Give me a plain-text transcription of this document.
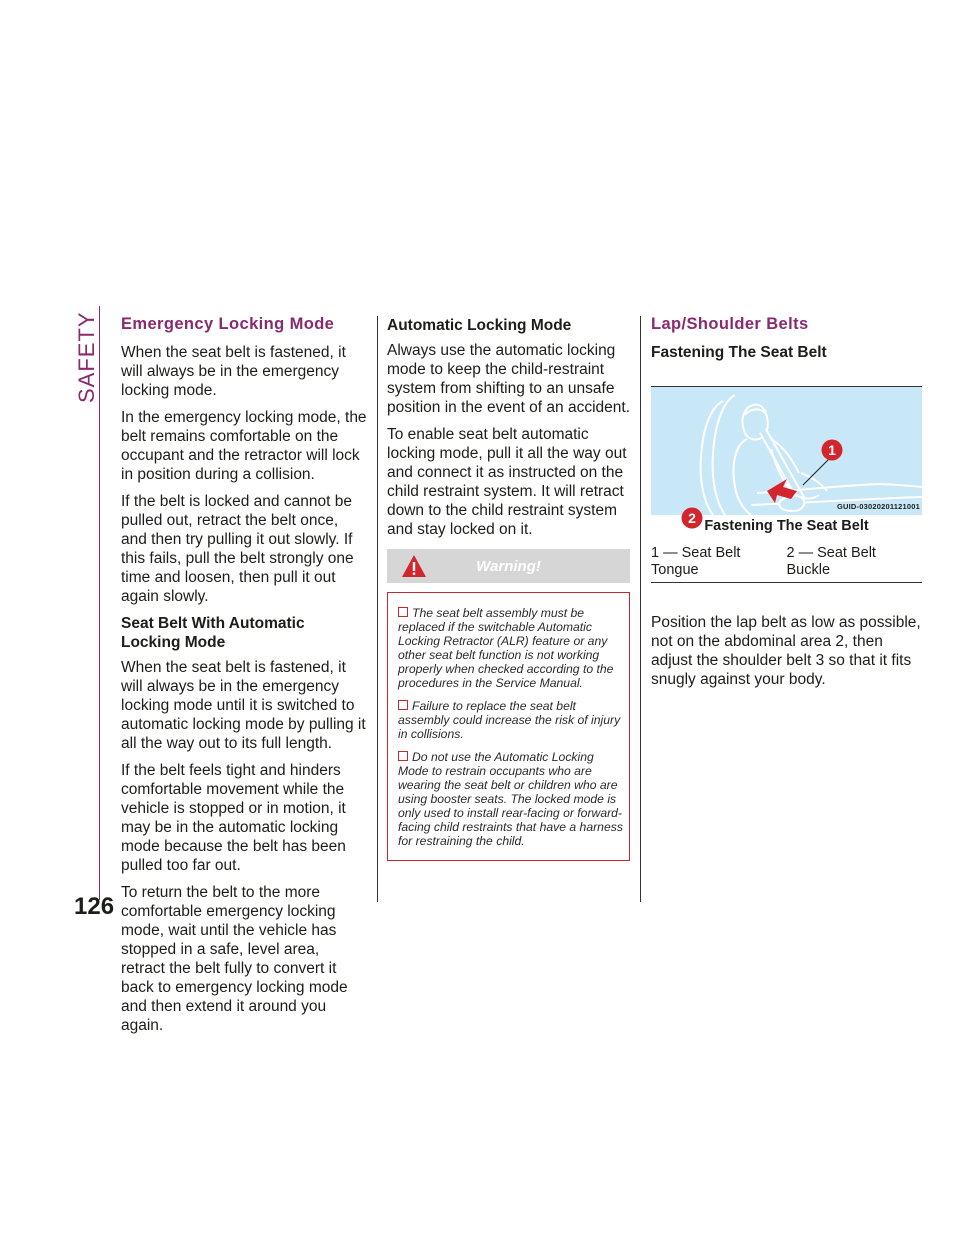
SAFETY Emergency Locking Mode

When the seat belt is fastened, it will always be in the emergency locking mode.

In the emergency locking mode, the belt remains comfortable on the occupant and the retractor will lock in position during a collision.

If the belt is locked and cannot be pulled out, retract the belt once, and then try pulling it out slowly. If this fails, pull the belt strongly one time and loosen, then pull it out again slowly.

Seat Belt With Automatic Locking Mode

When the seat belt is fastened, it will always be in the emergency locking mode until it is switched to automatic locking mode by pulling it all the way out to its full length.

If the belt feels tight and hinders comfortable movement while the vehicle is stopped or in motion, it may be in the automatic locking mode because the belt has been pulled too far out.

To return the belt to the more comfortable emergency locking mode, wait until the vehicle has stopped in a safe, level area, retract the belt fully to convert it back to emergency locking mode and then extend it around you again.

Automatic Locking Mode

Always use the automatic locking mode to keep the child-restraint system from shifting to an unsafe position in the event of an accident.

To enable seat belt automatic locking mode, pull it all the way out and connect it as instructed on the child restraint system. It will retract down to the child restraint system and stay locked on it.

Warning!

The seat belt assembly must be replaced if the switchable Automatic Locking Retractor (ALR) feature or any other seat belt function is not working properly when checked according to the procedures in the Service Manual.

Failure to replace the seat belt assembly could increase the risk of injury in collisions.

Do not use the Automatic Locking Mode to restrain occupants who are wearing the seat belt or children who are using booster seats. The locked mode is only used to install rear-facing or forward-facing child restraints that have a harness for restraining the child.

Lap/Shoulder Belts
Fastening The Seat Belt
1
2
GUID-03020201121001
Fastening The Seat Belt
1 — Seat Belt Tongue
2 — Seat Belt Buckle

Position the lap belt as low as possible, not on the abdominal area 2, then adjust the shoulder belt 3 so that it fits snugly against your body.

126
